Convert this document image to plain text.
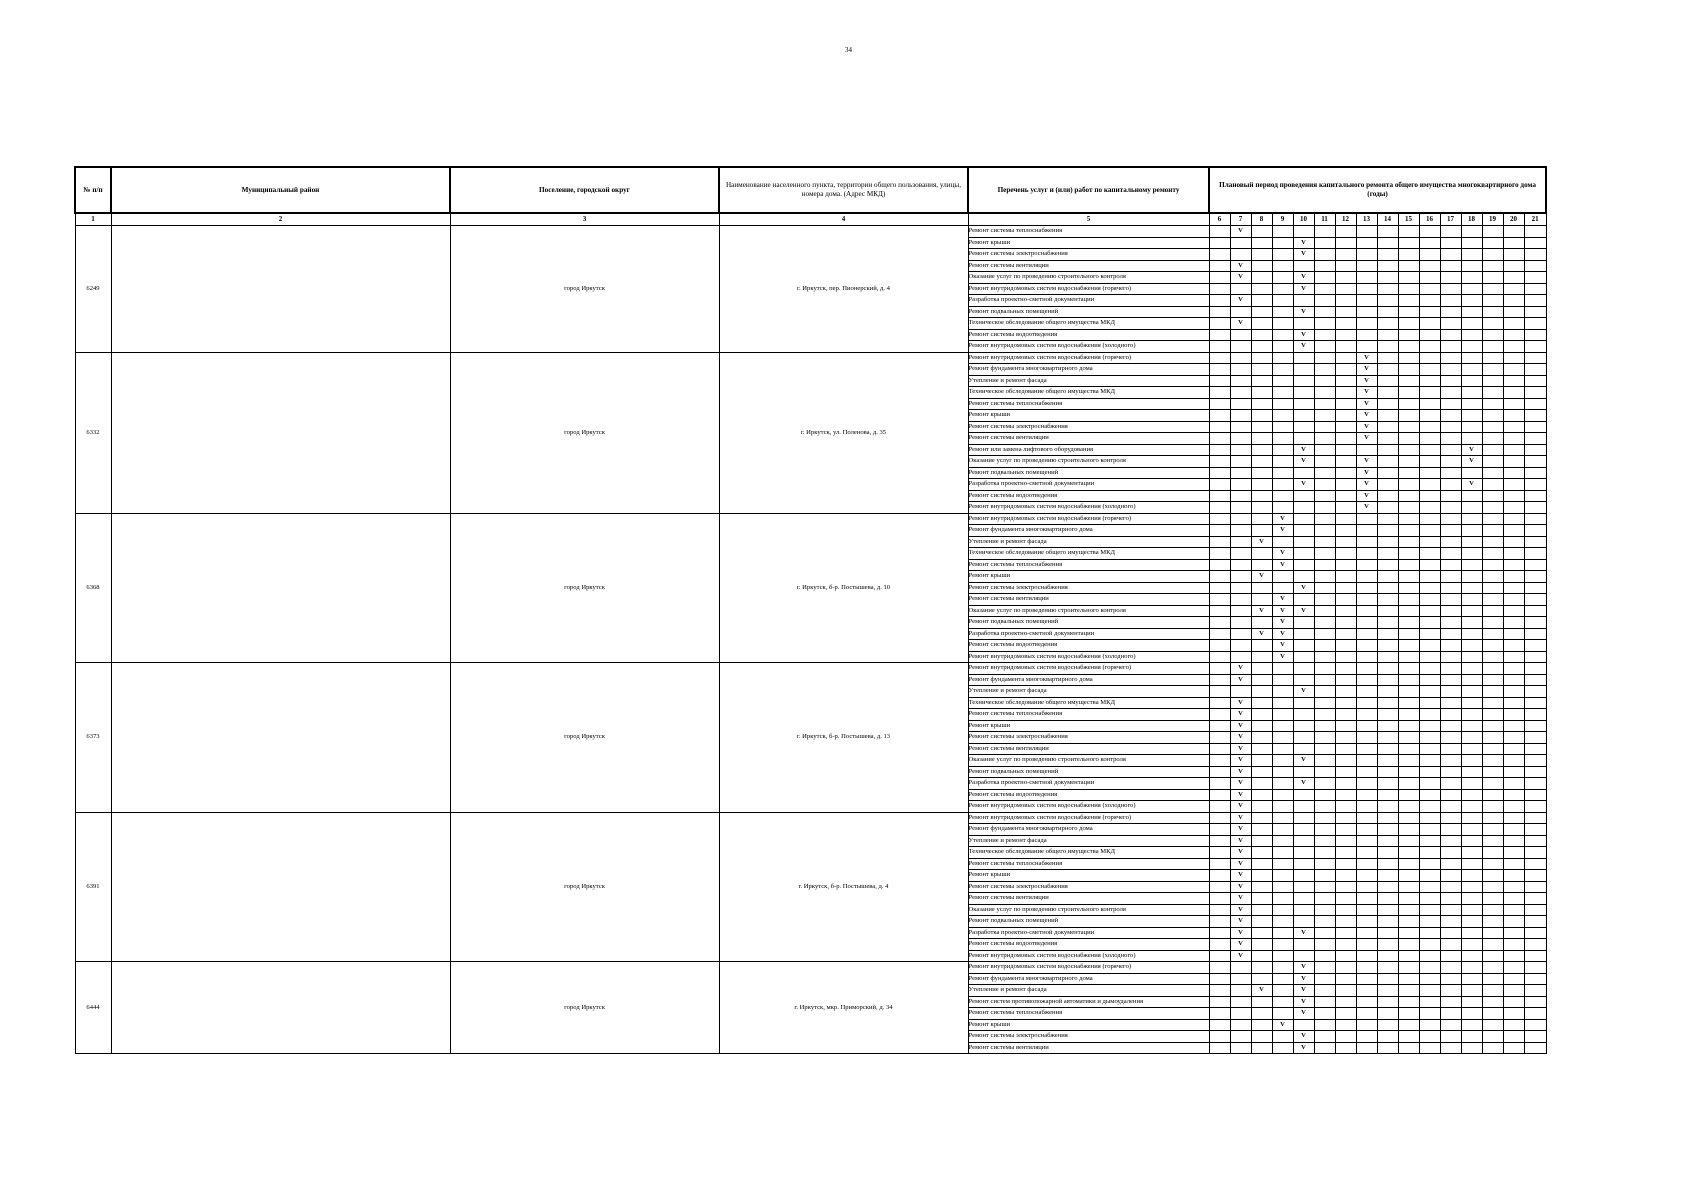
34
№ п/п	Муниципальный район	Поселение, городской округ	Наименование населенного пункта, территории общего пользования, улицы, номера дома. (Адрес МКД)	Перечень услуг и (или) работ по капитальному ремонту	Плановый период проведения капитального ремонта общего имущества многоквартирного дома (годы)															
1	2	3	4	5	6	7	8	9	10	11	12	13	14	15	16	17	18	19	20	21
6249		город Иркутск	г. Иркутск, пер. Пионерский, д. 4	Ремонт системы теплоснабжения		V														
				Ремонт крыши					V											
				Ремонт системы электроснабжения					V											
				Ремонт системы вентиляции		V														
				Оказание услуг по проведению строительного контроля		V			V											
				Ремонт внутридомовых систем водоснабжения (горячего)					V											
				Разработка проектно-сметной документации		V														
				Ремонт подвальных помещений					V											
				Техническое обследование общего имущества МКД		V														
				Ремонт системы водоотведения					V											
				Ремонт внутридомовых систем водоснабжения (холодного)					V											
6332		город Иркутск	г. Иркутск, ул. Поленова, д. 35	Ремонт внутридомовых систем водоснабжения (горячего)								V								
				Ремонт фундамента многоквартирного дома								V								
				Утепление и ремонт фасада								V								
				Техническое обследование общего имущества МКД								V								
				Ремонт системы теплоснабжения								V								
				Ремонт крыши								V								
				Ремонт системы электроснабжения								V								
				Ремонт системы вентиляции								V								
				Ремонт или замена лифтового оборудования					V								V			
				Оказание услуг по проведению строительного контроля					V			V					V			
				Ремонт подвальных помещений								V								
				Разработка проектно-сметной документации					V			V					V			
				Ремонт системы водоотведения								V								
				Ремонт внутридомовых систем водоснабжения (холодного)								V								
6368		город Иркутск	г. Иркутск, б-р. Постышева, д. 10	Ремонт внутридомовых систем водоснабжения (горячего)				V												
				Ремонт фундамента многоквартирного дома				V												
				Утепление и ремонт фасада			V													
				Техническое обследование общего имущества МКД				V												
				Ремонт системы теплоснабжения				V												
				Ремонт крыши			V													
				Ремонт системы электроснабжения					V											
				Ремонт системы вентиляции				V												
				Оказание услуг по проведению строительного контроля			V	V	V											
				Ремонт подвальных помещений				V												
				Разработка проектно-сметной документации			V	V												
				Ремонт системы водоотведения				V												
				Ремонт внутридомовых систем водоснабжения (холодного)				V												
6373		город Иркутск	г. Иркутск, б-р. Постышева, д. 13	Ремонт внутридомовых систем водоснабжения (горячего)		V														
				Ремонт фундамента многоквартирного дома		V														
				Утепление и ремонт фасада					V											
				Техническое обследование общего имущества МКД		V														
				Ремонт системы теплоснабжения		V														
				Ремонт крыши		V														
				Ремонт системы электроснабжения		V														
				Ремонт системы вентиляции		V														
				Оказание услуг по проведению строительного контроля		V			V											
				Ремонт подвальных помещений		V														
				Разработка проектно-сметной документации		V			V											
				Ремонт системы водоотведения		V														
				Ремонт внутридомовых систем водоснабжения (холодного)		V														
6391		город Иркутск	г. Иркутск, б-р. Постышева, д. 4	Ремонт внутридомовых систем водоснабжения (горячего)		V														
				Ремонт фундамента многоквартирного дома		V														
				Утепление и ремонт фасада		V														
				Техническое обследование общего имущества МКД		V														
				Ремонт системы теплоснабжения		V														
				Ремонт крыши		V														
				Ремонт системы электроснабжения		V														
				Ремонт системы вентиляции		V														
				Оказание услуг по проведению строительного контроля		V														
				Ремонт подвальных помещений		V														
				Разработка проектно-сметной документации		V			V											
				Ремонт системы водоотведения		V														
				Ремонт внутридомовых систем водоснабжения (холодного)		V														
6444		город Иркутск	г. Иркутск, мкр. Приморский, д. 34	Ремонт внутридомовых систем водоснабжения (горячего)					V											
				Ремонт фундамента многоквартирного дома					V											
				Утепление и ремонт фасада			V		V											
				Ремонт систем противопожарной автоматики и дымоудаления					V											
				Ремонт системы теплоснабжения					V											
				Ремонт крыши				V												
				Ремонт системы электроснабжения					V											
				Ремонт системы вентиляции					V											
